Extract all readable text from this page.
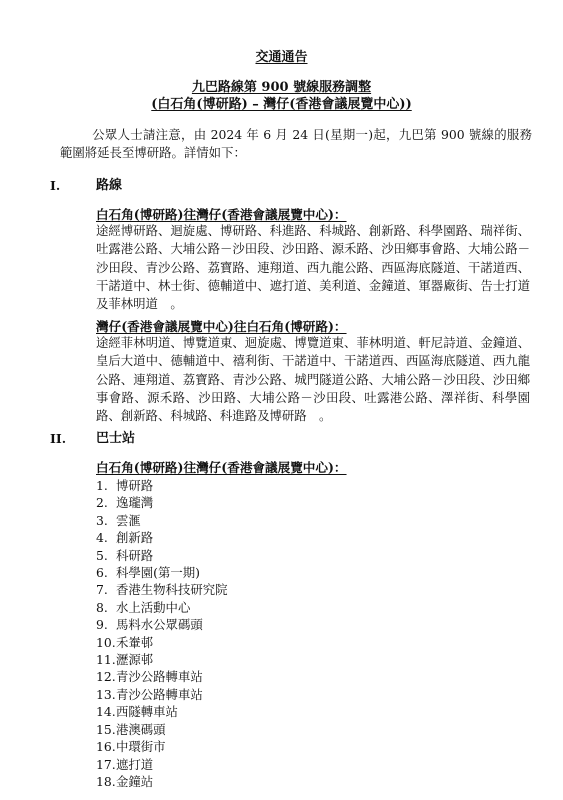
交通通告
九巴路線第 900 號線服務調整
(白石角(博研路) – 灣仔(香港會議展覽中心))
公眾人士請注意，由 2024 年 6 月 24 日(星期一)起，九巴第 900 號線的服務範圍將延長至博研路。詳情如下：
I.	路線
白石角(博研路)往灣仔(香港會議展覽中心)：
途經博研路、迴旋處、博研路、科進路、科城路、創新路、科學園路、瑞祥街、吐露港公路、大埔公路－沙田段、沙田路、源禾路、沙田鄉事會路、大埔公路－沙田段、青沙公路、荔寶路、連翔道、西九龍公路、西區海底隧道、干諾道西、干諾道中、林士街、德輔道中、遮打道、美利道、金鐘道、軍器廠街、告士打道及菲林明道　。
灣仔(香港會議展覽中心)往白石角(博研路)：
途經菲林明道、博覽道東、迴旋處、博覽道東、菲林明道、軒尼詩道、金鐘道、皇后大道中、德輔道中、禧利街、干諾道中、干諾道西、西區海底隧道、西九龍公路、連翔道、荔寶路、青沙公路、城門隧道公路、大埔公路－沙田段、沙田鄉事會路、源禾路、沙田路、大埔公路－沙田段、吐露港公路、澤祥街、科學園路、創新路、科城路、科進路及博研路　。
II. 巴士站
白石角(博研路)往灣仔(香港會議展覽中心)：
1. 博研路
2. 逸瓏灣
3. 雲滙
4. 創新路
5. 科研路
6. 科學園(第一期)
7. 香港生物科技研究院
8. 水上活動中心
9. 馬料水公眾碼頭
10.禾輋邨
11.瀝源邨
12.青沙公路轉車站
13.青沙公路轉車站
14.西隧轉車站
15.港澳碼頭
16.中環街市
17.遮打道
18.金鐘站
